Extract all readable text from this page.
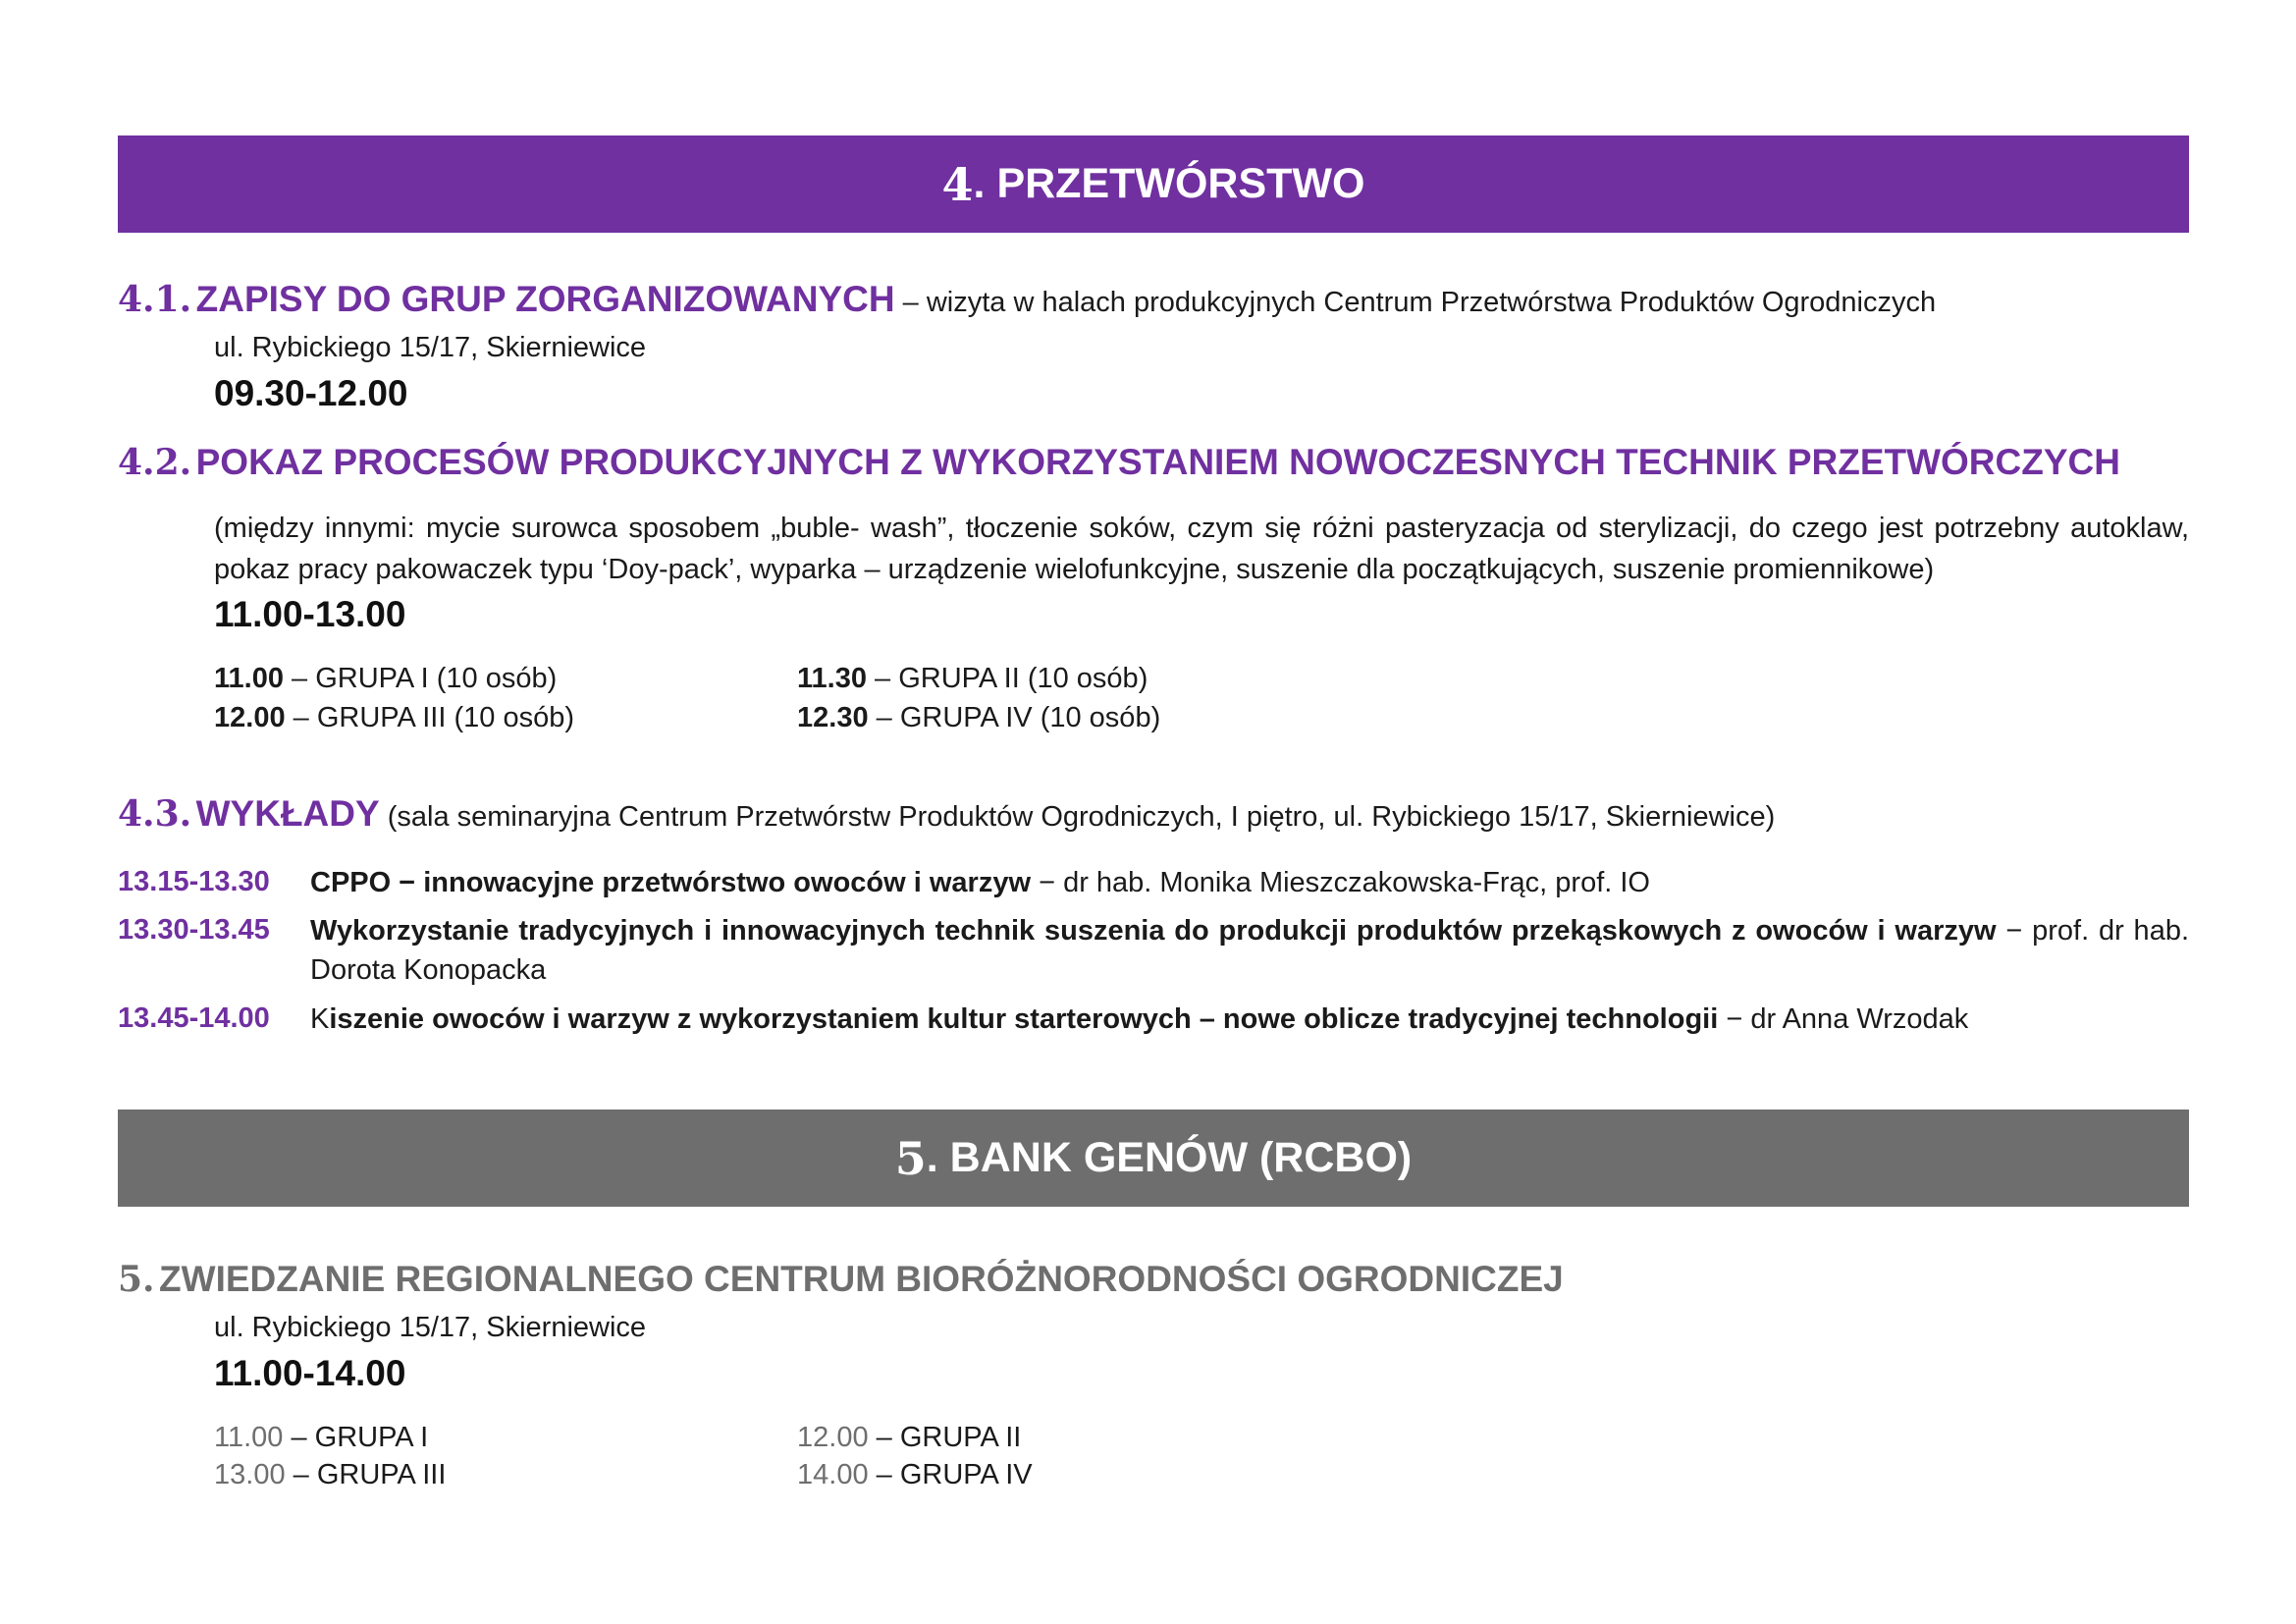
4 . PRZETWÓRSTWO
4.1. ZAPISY DO GRUP ZORGANIZOWANYCH – wizyta w halach produkcyjnych Centrum Przetwórstwa Produktów Ogrodniczych
ul. Rybickiego 15/17, Skierniewice
09.30-12.00
4.2. POKAZ PROCESÓW PRODUKCYJNYCH Z WYKORZYSTANIEM NOWOCZESNYCH TECHNIK PRZETWÓRCZYCH
(między innymi: mycie surowca sposobem „buble- wash”, tłoczenie soków, czym się różni pasteryzacja od sterylizacji, do czego jest potrzebny autoklaw, pokaz pracy pakowaczek typu ‘Doy-pack’, wyparka – urządzenie wielofunkcyjne, suszenie dla początkujących, suszenie promiennikowe)
11.00-13.00
11.00 – GRUPA I (10 osób)	11.30 – GRUPA II (10 osób)
12.00 – GRUPA III (10 osób)	12.30 – GRUPA IV (10 osób)
4.3. WYKŁADY (sala seminaryjna Centrum Przetwórstw Produktów Ogrodniczych, I piętro, ul. Rybickiego 15/17, Skierniewice)
13.15-13.30 CPPO − innowacyjne przetwórstwo owoców i warzyw − dr hab. Monika Mieszczakowska-Frąc, prof. IO
13.30-13.45 Wykorzystanie tradycyjnych i innowacyjnych technik suszenia do produkcji produktów przekąskowych z owoców i warzyw − prof. dr hab. Dorota Konopacka
13.45-14.00 Kiszenie owoców i warzyw z wykorzystaniem kultur starterowych – nowe oblicze tradycyjnej technologii − dr Anna Wrzodak
5 . BANK GENÓW (RCBO)
5. ZWIEDZANIE REGIONALNEGO CENTRUM BIORÓŻNORODNOŚCI OGRODNICZEJ
ul. Rybickiego 15/17, Skierniewice
11.00-14.00
11.00 – GRUPA I	12.00 – GRUPA II
13.00 – GRUPA III	14.00 – GRUPA IV
